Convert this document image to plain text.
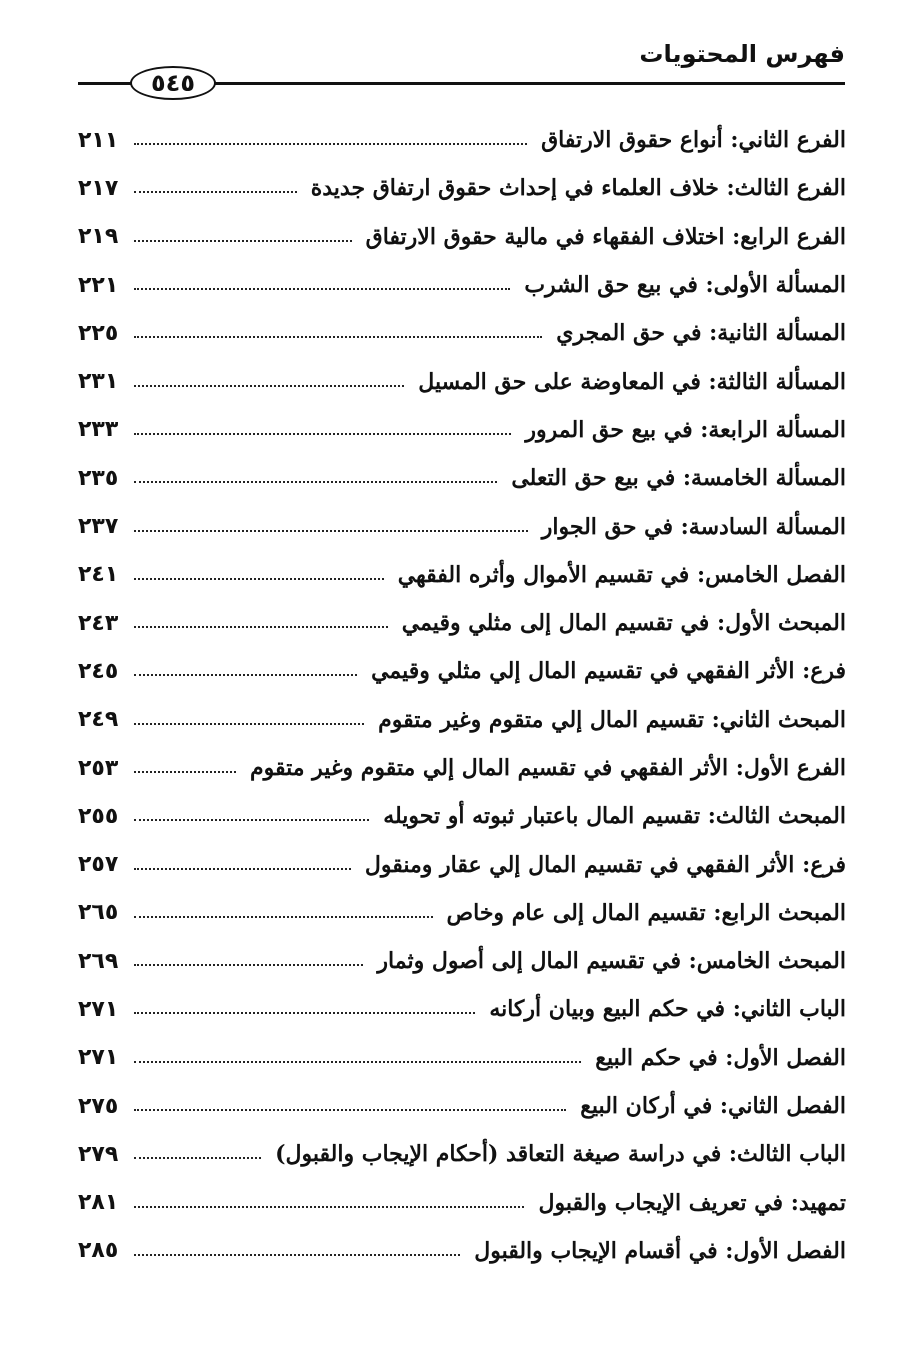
فهرس المحتويات
٥٤٥
الفرع الثاني: أنواع حقوق الارتفاق
٢١١
الفرع الثالث: خلاف العلماء في إحداث حقوق ارتفاق جديدة
٢١٧
الفرع الرابع: اختلاف الفقهاء في مالية حقوق الارتفاق
٢١٩
المسألة الأولى: في بيع حق الشرب
٢٢١
المسألة الثانية: في حق المجري
٢٢٥
المسألة الثالثة: في المعاوضة على حق المسيل
٢٣١
المسألة الرابعة: في بيع حق المرور
٢٣٣
المسألة الخامسة: في بيع حق التعلى
٢٣٥
المسألة السادسة: في حق الجوار
٢٣٧
الفصل الخامس: في تقسيم الأموال وأثره الفقهي
٢٤١
المبحث الأول: في تقسيم المال إلى مثلي وقيمي
٢٤٣
فرع: الأثر الفقهي في تقسيم المال إلي مثلي وقيمي
٢٤٥
المبحث الثاني: تقسيم المال إلي متقوم وغير متقوم
٢٤٩
الفرع الأول: الأثر الفقهي في تقسيم المال إلي متقوم وغير متقوم
٢٥٣
المبحث الثالث: تقسيم المال باعتبار ثبوته أو تحويله
٢٥٥
فرع: الأثر الفقهي في تقسيم المال إلي عقار ومنقول
٢٥٧
المبحث الرابع: تقسيم المال إلى عام وخاص
٢٦٥
المبحث الخامس: في تقسيم المال إلى أصول وثمار
٢٦٩
الباب الثاني: في حكم البيع وبيان أركانه
٢٧١
الفصل الأول: في حكم البيع
٢٧١
الفصل الثاني: في أركان البيع
٢٧٥
الباب الثالث: في دراسة صيغة التعاقد (أحكام الإيجاب والقبول)
٢٧٩
تمهيد: في تعريف الإيجاب والقبول
٢٨١
الفصل الأول: في أقسام الإيجاب والقبول
٢٨٥
